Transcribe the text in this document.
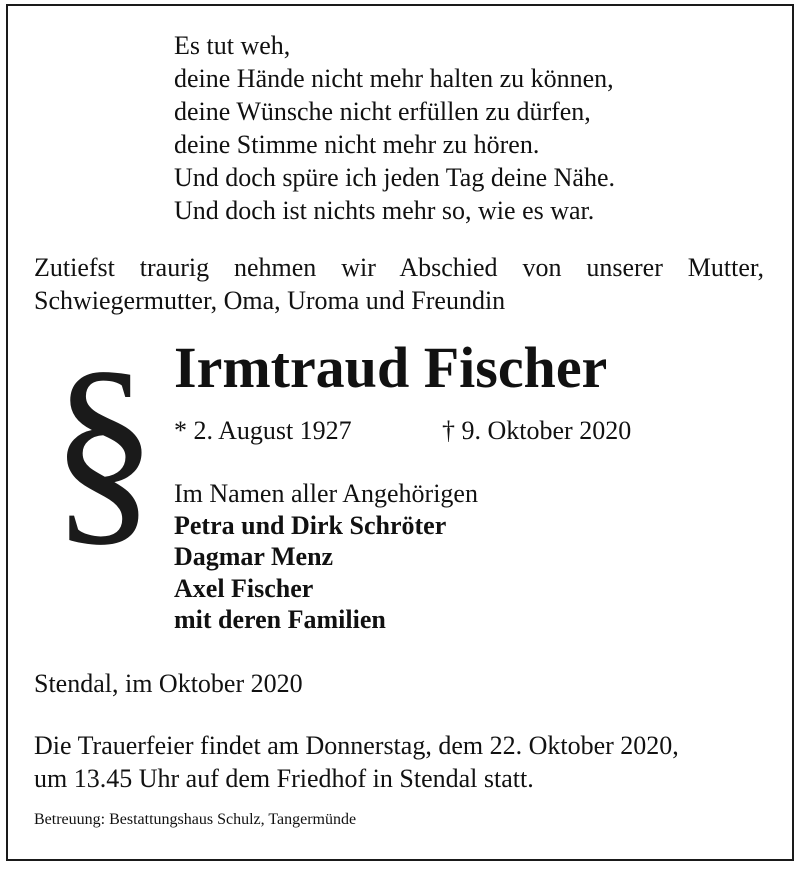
Es tut weh,
deine Hände nicht mehr halten zu können,
deine Wünsche nicht erfüllen zu dürfen,
deine Stimme nicht mehr zu hören.
Und doch spüre ich jeden Tag deine Nähe.
Und doch ist nichts mehr so, wie es war.
Zutiefst traurig nehmen wir Abschied von unserer Mutter,
Schwiegermutter, Oma, Uroma und Freundin
§ Irmtraud Fischer
* 2. August 1927	† 9. Oktober 2020
Im Namen aller Angehörigen
Petra und Dirk Schröter
Dagmar Menz
Axel Fischer
mit deren Familien
Stendal, im Oktober 2020
Die Trauerfeier findet am Donnerstag, dem 22. Oktober 2020,
um 13.45 Uhr auf dem Friedhof in Stendal statt.
Betreuung: Bestattungshaus Schulz, Tangermünde
